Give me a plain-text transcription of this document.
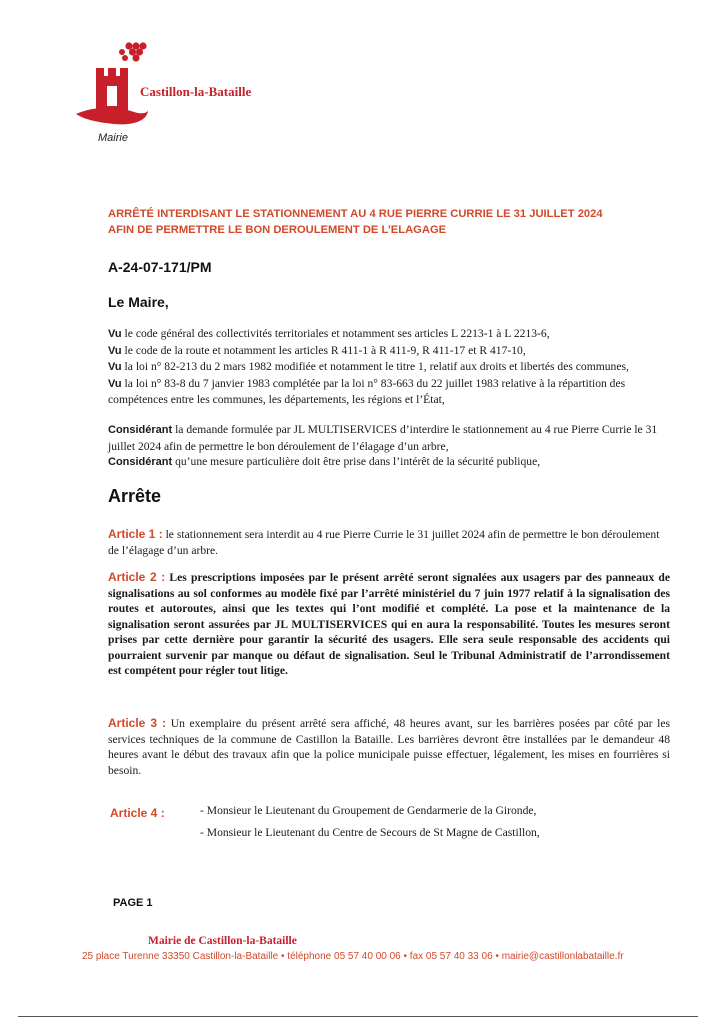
Castillon-la-Bataille
Mairie
ARRÊTÉ INTERDISANT LE STATIONNEMENT AU 4 RUE PIERRE CURRIE LE 31 JUILLET 2024
AFIN DE PERMETTRE LE BON DEROULEMENT DE L’ELAGAGE
A-24-07-171/PM
Le Maire,
Vu le code général des collectivités territoriales et notamment ses articles L 2213-1 à L 2213-6,
Vu le code de la route et notamment les articles R 411-1 à R 411-9, R 411-17 et R 417-10,
Vu la loi n° 82-213 du 2 mars 1982 modifiée et notamment le titre 1, relatif aux droits et libertés des communes,
Vu la loi n° 83-8 du 7 janvier 1983 complétée par la loi n° 83-663 du 22 juillet 1983 relative à la répartition des compétences entre les communes, les départements, les régions et l’État,
Considérant la demande formulée par JL MULTISERVICES d’interdire le stationnement au 4 rue Pierre Currie le 31 juillet 2024 afin de permettre le bon déroulement de l’élagage d’un arbre,
Considérant qu’une mesure particulière doit être prise dans l’intérêt de la sécurité publique,
Arrête
Article 1 : le stationnement sera interdit au 4 rue Pierre Currie le 31 juillet 2024 afin de permettre le bon déroulement de l’élagage d’un arbre.
Article 2 : Les prescriptions imposées par le présent arrêté seront signalées aux usagers par des panneaux de signalisations au sol conformes au modèle fixé par l’arrêté ministériel du 7 juin 1977 relatif à la signalisation des routes et autoroutes, ainsi que les textes qui l’ont modifié et complété. La pose et la maintenance de la signalisation seront assurées par JL MULTISERVICES qui en aura la responsabilité. Toutes les mesures seront prises par cette dernière pour garantir la sécurité des usagers. Elle sera seule responsable des accidents qui pourraient survenir par manque ou défaut de signalisation. Seul le Tribunal Administratif de l’arrondissement est compétent pour régler tout litige.
Article 3 : Un exemplaire du présent arrêté sera affiché, 48 heures avant, sur les barrières posées par côté par les services techniques de la commune de Castillon la Bataille. Les barrières devront être installées par le demandeur 48 heures avant le début des travaux afin que la police municipale puisse effectuer, légalement, les mises en fourrières si besoin.
Article 4 :	- Monsieur le Lieutenant du Groupement de Gendarmerie de la Gironde,
- Monsieur le Lieutenant du Centre de Secours de St Magne de Castillon,
PAGE 1
Mairie de Castillon-la-Bataille
25 place Turenne 33350 Castillon-la-Bataille • téléphone 05 57 40 00 06 • fax 05 57 40 33 06 • mairie@castillonlabataille.fr
